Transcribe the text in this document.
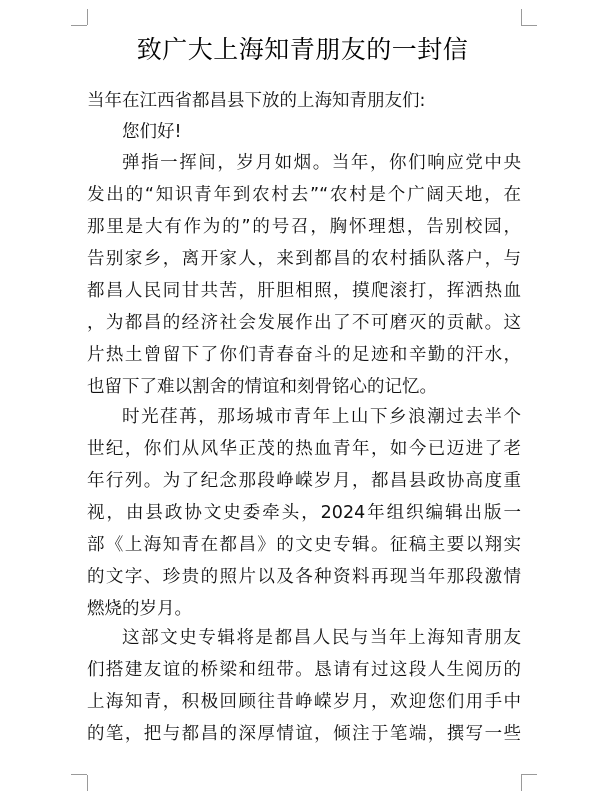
致广大上海知青朋友的一封信
当年在江西省都昌县下放的上海知青朋友们:
您们好!
弹指一挥间，岁月如烟。当年，你们响应党中央
发出的“知识青年到农村去”“农村是个广阔天地，在
那里是大有作为的”的号召，胸怀理想，告别校园，
告别家乡，离开家人，来到都昌的农村插队落户，与
都昌人民同甘共苦，肝胆相照，摸爬滚打，挥洒热血
，为都昌的经济社会发展作出了不可磨灭的贡献。这
片热土曾留下了你们青春奋斗的足迹和辛勤的汗水，
也留下了难以割舍的情谊和刻骨铭心的记忆。
时光荏苒，那场城市青年上山下乡浪潮过去半个
世纪，你们从风华正茂的热血青年，如今已迈进了老
年行列。为了纪念那段峥嵘岁月，都昌县政协高度重
视，由县政协文史委牵头，2024年组织编辑出版一
部《上海知青在都昌》的文史专辑。征稿主要以翔实
的文字、珍贵的照片以及各种资料再现当年那段激情
燃烧的岁月。
这部文史专辑将是都昌人民与当年上海知青朋友
们搭建友谊的桥梁和纽带。恳请有过这段人生阅历的
上海知青，积极回顾往昔峥嵘岁月，欢迎您们用手中
的笔，把与都昌的深厚情谊，倾注于笔端，撰写一些
